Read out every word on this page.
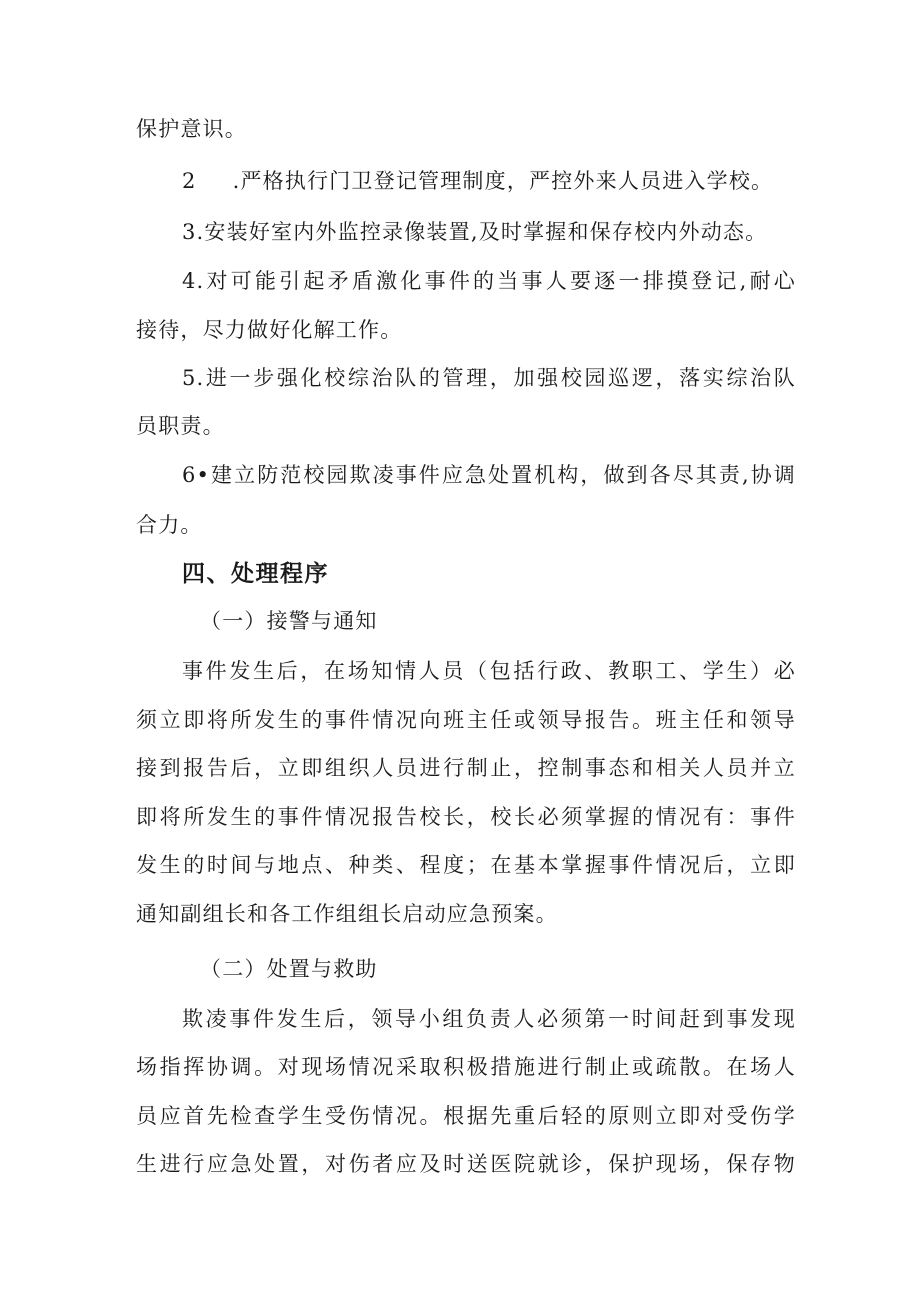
保护意识。
2 .严格执行门卫登记管理制度，严控外来人员进入学校。
3.安装好室内外监控录像装置,及时掌握和保存校内外动态。
4.对可能引起矛盾激化事件的当事人要逐一排摸登记,耐心
接待，尽力做好化解工作。
5.进一步强化校综治队的管理，加强校园巡逻，落实综治队
员职责。
6•建立防范校园欺凌事件应急处置机构，做到各尽其责,协调
合力。
四、处理程序
（一）接警与通知
事件发生后，在场知情人员（包括行政、教职工、学生）必
须立即将所发生的事件情况向班主任或领导报告。班主任和领导
接到报告后，立即组织人员进行制止，控制事态和相关人员并立
即将所发生的事件情况报告校长，校长必须掌握的情况有：事件
发生的时间与地点、种类、程度；在基本掌握事件情况后，立即
通知副组长和各工作组组长启动应急预案。
（二）处置与救助
欺凌事件发生后，领导小组负责人必须第一时间赶到事发现
场指挥协调。对现场情况采取积极措施进行制止或疏散。在场人
员应首先检查学生受伤情况。根据先重后轻的原则立即对受伤学
生进行应急处置，对伤者应及时送医院就诊，保护现场，保存物
